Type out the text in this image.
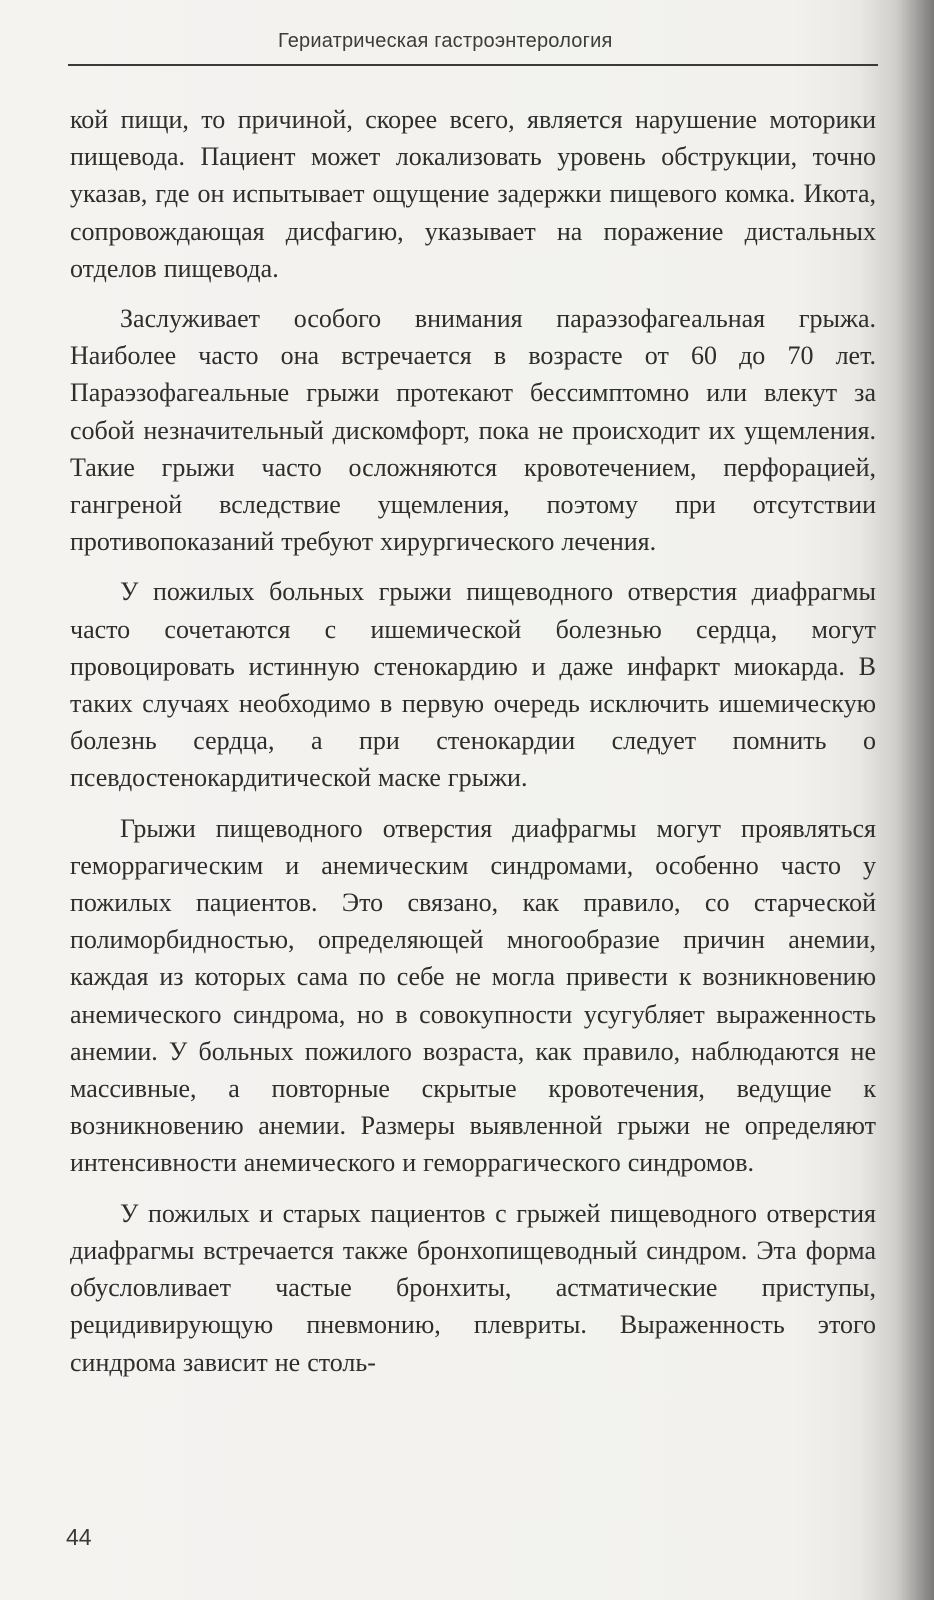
Гериатрическая гастроэнтерология

кой пищи, то причиной, скорее всего, является нарушение моторики пищевода. Пациент может локализовать уровень обструкции, точно указав, где он испытывает ощущение задержки пищевого комка. Икота, сопровождающая дисфагию, указывает на поражение дистальных отделов пищевода.

Заслуживает особого внимания параэзофагеальная грыжа. Наиболее часто она встречается в возрасте от 60 до 70 лет. Параэзофагеальные грыжи протекают бессимптомно или влекут за собой незначительный дискомфорт, пока не происходит их ущемления. Такие грыжи часто осложняются кровотечением, перфорацией, гангреной вследствие ущемления, поэтому при отсутствии противопоказаний требуют хирургического лечения.

У пожилых больных грыжи пищеводного отверстия диафрагмы часто сочетаются с ишемической болезнью сердца, могут провоцировать истинную стенокардию и даже инфаркт миокарда. В таких случаях необходимо в первую очередь исключить ишемическую болезнь сердца, а при стенокардии следует помнить о псевдостенокардитической маске грыжи.

Грыжи пищеводного отверстия диафрагмы могут проявляться геморрагическим и анемическим синдромами, особенно часто у пожилых пациентов. Это связано, как правило, со старческой полиморбидностью, определяющей многообразие причин анемии, каждая из которых сама по себе не могла привести к возникновению анемического синдрома, но в совокупности усугубляет выраженность анемии. У больных пожилого возраста, как правило, наблюдаются не массивные, а повторные скрытые кровотечения, ведущие к возникновению анемии. Размеры выявленной грыжи не определяют интенсивности анемического и геморрагического синдромов.

У пожилых и старых пациентов с грыжей пищеводного отверстия диафрагмы встречается также бронхопищеводный синдром. Эта форма обусловливает частые бронхиты, астматические приступы, рецидивирующую пневмонию, плевриты. Выраженность этого синдрома зависит не столь-

44
